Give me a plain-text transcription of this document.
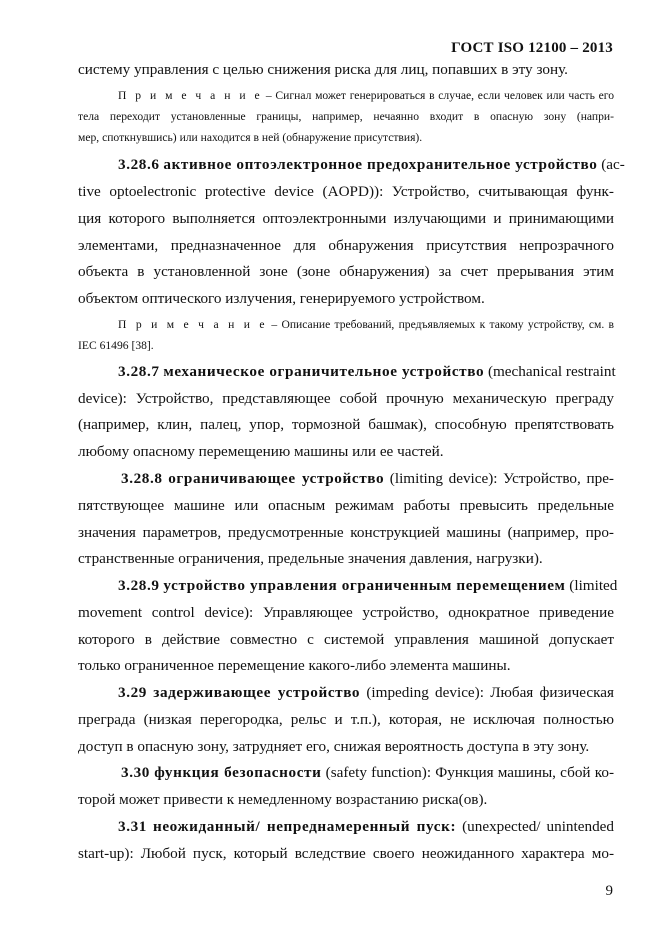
ГОСТ ISO 12100 – 2013
систему управления с целью снижения риска для лиц, попавших в эту зону.
П р и м е ч а н и е – Сигнал может генерироваться в случае, если человек или часть его
тела переходит установленные границы, например, нечаянно входит в опасную зону (напри-
мер, споткнувшись) или находится в ней (обнаружение присутствия).
3.28.6 активное оптоэлектронное предохранительное устройство (ac-
tive optoelectronic protective device (AOPD)): Устройство, считывающая функ-
ция которого выполняется оптоэлектронными излучающими и принимающими
элементами, предназначенное для обнаружения присутствия непрозрачного
объекта в установленной зоне (зоне обнаружения) за счет прерывания этим
объектом оптического излучения, генерируемого устройством.
П р и м е ч а н и е – Описание требований, предъявляемых к такому устройству, см. в
IEC 61496 [38].
3.28.7 механическое ограничительное устройство (mechanical restraint
device): Устройство, представляющее собой прочную механическую преграду
(например, клин, палец, упор, тормозной башмак), способную препятствовать
любому опасному перемещению машины или ее частей.
3.28.8 ограничивающее устройство (limiting device): Устройство, пре-
пятствующее машине или опасным режимам работы превысить предельные
значения параметров, предусмотренные конструкцией машины (например, про-
странственные ограничения, предельные значения давления, нагрузки).
3.28.9 устройство управления ограниченным перемещением (limited
movement control device): Управляющее устройство, однократное приведение
которого в действие совместно с системой управления машиной допускает
только ограниченное перемещение какого-либо элемента машины.
3.29 задерживающее устройство (impeding device): Любая физическая
преграда (низкая перегородка, рельс и т.п.), которая, не исключая полностью
доступ в опасную зону, затрудняет его, снижая вероятность доступа в эту зону.
3.30 функция безопасности (safety function): Функция машины, сбой ко-
торой может привести к немедленному возрастанию риска(ов).
3.31 неожиданный/ непреднамеренный пуск: (unexpected/ unintended
start-up): Любой пуск, который вследствие своего неожиданного характера мо-
9
